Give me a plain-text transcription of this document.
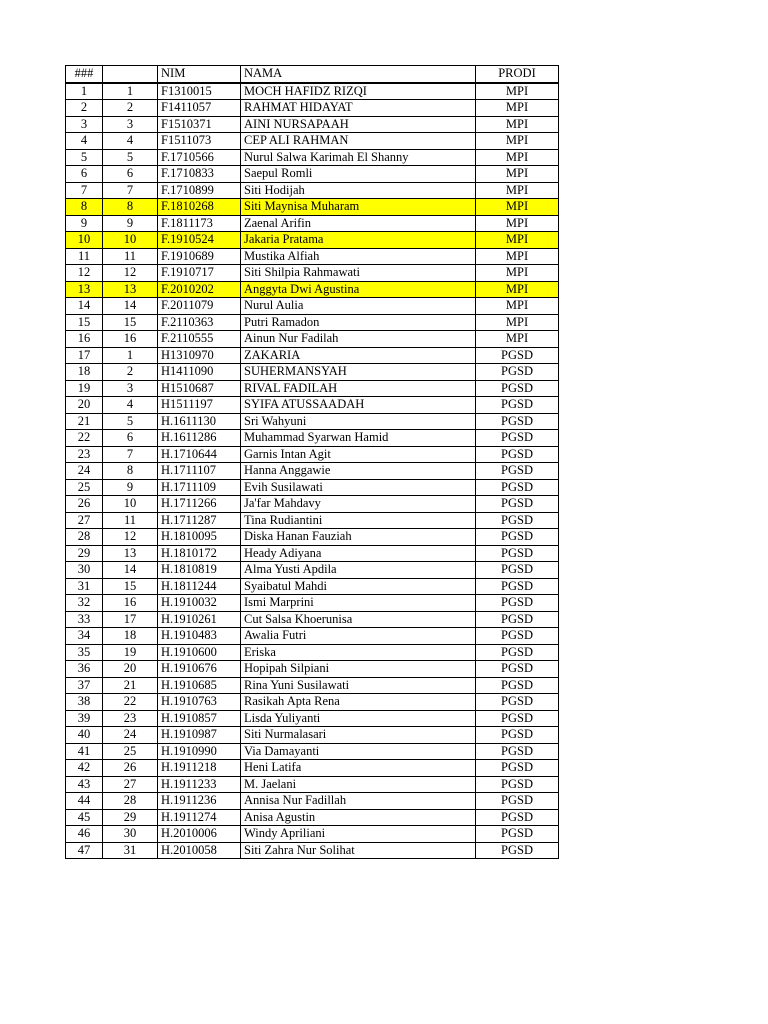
###		NIM	NAMA	PRODI
1	1	F1310015	MOCH HAFIDZ RIZQI	MPI
2	2	F1411057	RAHMAT HIDAYAT	MPI
3	3	F1510371	AINI NURSAPAAH	MPI
4	4	F1511073	CEP ALI RAHMAN	MPI
5	5	F.1710566	Nurul Salwa Karimah El Shanny	MPI
6	6	F.1710833	Saepul Romli	MPI
7	7	F.1710899	Siti Hodijah	MPI
8	8	F.1810268	Siti Maynisa Muharam	MPI
9	9	F.1811173	Zaenal Arifin	MPI
10	10	F.1910524	Jakaria Pratama	MPI
11	11	F.1910689	Mustika Alfiah	MPI
12	12	F.1910717	Siti Shilpia Rahmawati	MPI
13	13	F.2010202	Anggyta Dwi Agustina	MPI
14	14	F.2011079	Nurul Aulia	MPI
15	15	F.2110363	Putri Ramadon	MPI
16	16	F.2110555	Ainun Nur Fadilah	MPI
17	1	H1310970	ZAKARIA	PGSD
18	2	H1411090	SUHERMANSYAH	PGSD
19	3	H1510687	RIVAL FADILAH	PGSD
20	4	H1511197	SYIFA ATUSSAADAH	PGSD
21	5	H.1611130	Sri Wahyuni	PGSD
22	6	H.1611286	Muhammad Syarwan Hamid	PGSD
23	7	H.1710644	Garnis Intan Agit	PGSD
24	8	H.1711107	Hanna Anggawie	PGSD
25	9	H.1711109	Evih Susilawati	PGSD
26	10	H.1711266	Ja'far Mahdavy	PGSD
27	11	H.1711287	Tina Rudiantini	PGSD
28	12	H.1810095	Diska Hanan Fauziah	PGSD
29	13	H.1810172	Heady Adiyana	PGSD
30	14	H.1810819	Alma Yusti Apdila	PGSD
31	15	H.1811244	Syaibatul Mahdi	PGSD
32	16	H.1910032	Ismi Marprini	PGSD
33	17	H.1910261	Cut Salsa Khoerunisa	PGSD
34	18	H.1910483	Awalia Futri	PGSD
35	19	H.1910600	Eriska	PGSD
36	20	H.1910676	Hopipah Silpiani	PGSD
37	21	H.1910685	Rina Yuni Susilawati	PGSD
38	22	H.1910763	Rasikah Apta Rena	PGSD
39	23	H.1910857	Lisda Yuliyanti	PGSD
40	24	H.1910987	Siti Nurmalasari	PGSD
41	25	H.1910990	Via Damayanti	PGSD
42	26	H.1911218	Heni Latifa	PGSD
43	27	H.1911233	M. Jaelani	PGSD
44	28	H.1911236	Annisa Nur Fadillah	PGSD
45	29	H.1911274	Anisa Agustin	PGSD
46	30	H.2010006	Windy Apriliani	PGSD
47	31	H.2010058	Siti Zahra Nur Solihat	PGSD
